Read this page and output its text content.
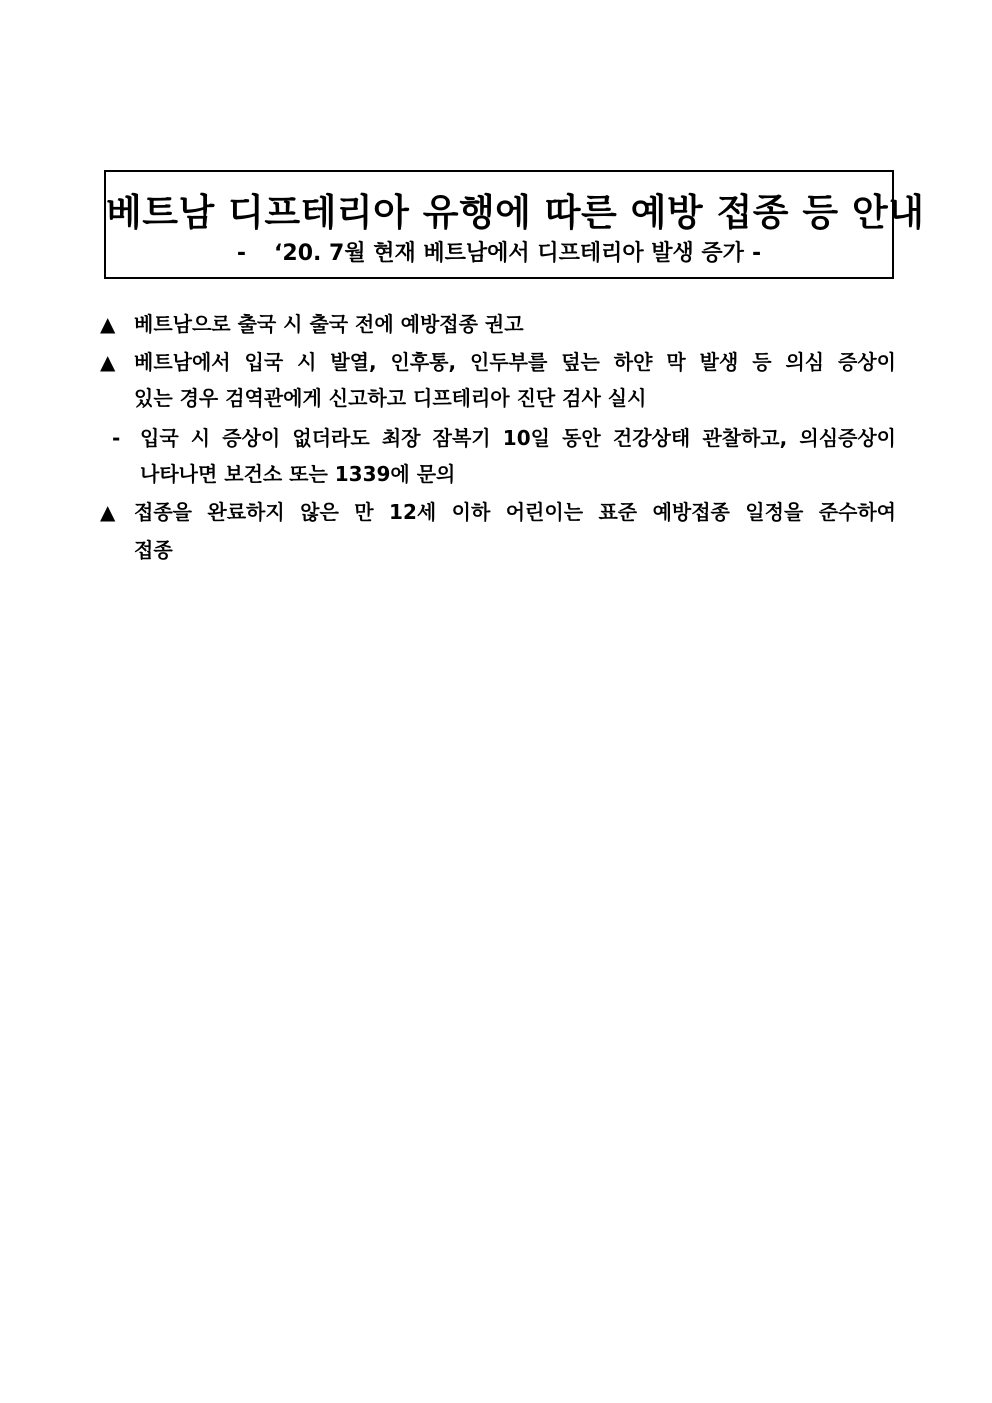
베트남 디프테리아 유행에 따른 예방 접종 등 안내
- ‘20. 7월 현재 베트남에서 디프테리아 발생 증가 -
▲ 베트남으로 출국 시 출국 전에 예방접종 권고
▲ 베트남에서 입국 시 발열, 인후통, 인두부를 덮는 하얀 막 발생 등 의심 증상이
있는 경우 검역관에게 신고하고 디프테리아 진단 검사 실시
- 입국 시 증상이 없더라도 최장 잠복기 10일 동안 건강상태 관찰하고, 의심증상이
나타나면 보건소 또는 1339에 문의
▲ 접종을 완료하지 않은 만 12세 이하 어린이는 표준 예방접종 일정을 준수하여
접종
